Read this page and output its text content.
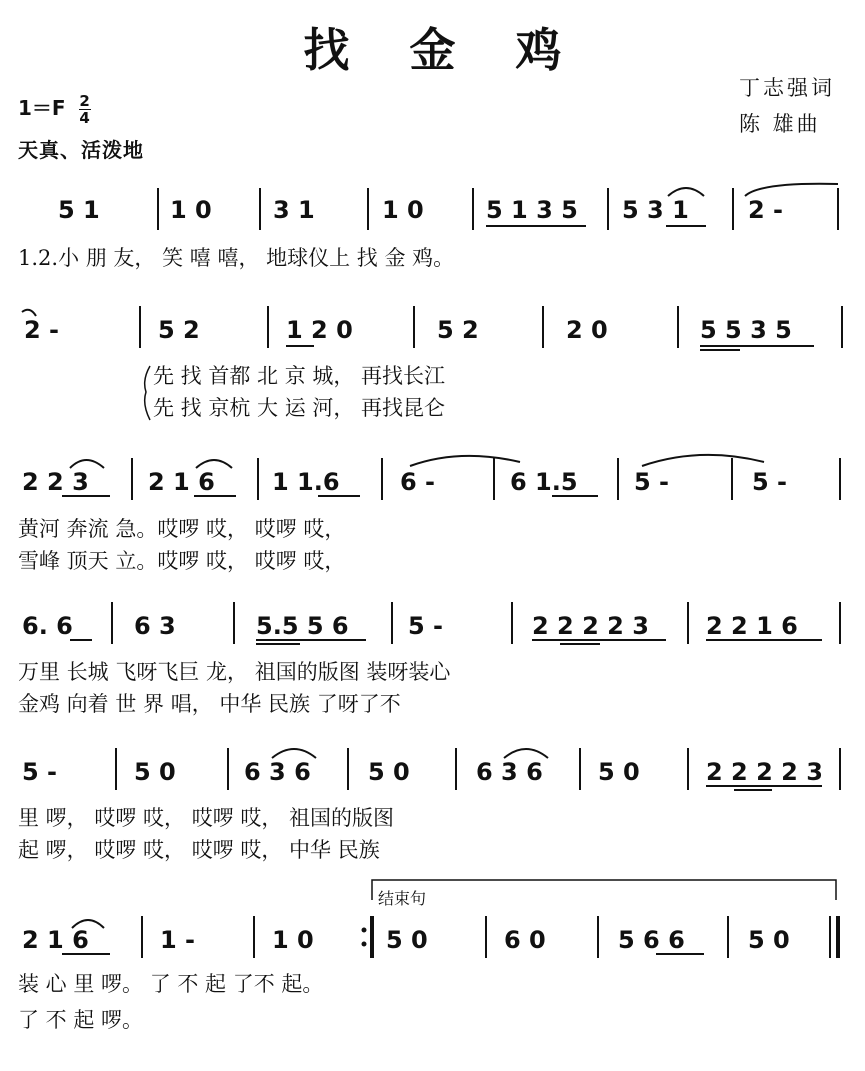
找金鸡
丁志强词
陈 雄曲
$1=F \frac{2}{4}$
天真、活泼地
5 1	1 0	3 1	1 0	5 1 3 5 5 3 1 2 -
1.2.小 朋 友， 笑 嘻 嘻， 地球仪上 找 金 鸡。
2 -	5 2	1 2 0	5 2	2 0	5 5 3 5
先 找 首都 北 京 城， 再找长江
先 找 京杭 大 运 河， 再找昆仑
2 2 3 2 1 6 1 1.6	6 -	6 1.5 5 -	5 -
黄河 奔流 急。哎啰 哎， 哎啰 哎，
雪峰 顶天 立。哎啰 哎， 哎啰 哎，
6. 6	6 3	5.5 5 6 5 -	2 2 2 2 3 2 2 1 6
万里 长城 飞呀飞巨 龙， 祖国的版图 装呀装心
金鸡 向着 世 界 唱， 中华 民族 了呀了不
5 -	5 0	6 3 6 5 0	6 3 6 5 0	2 2 2 2 3
里 啰， 哎啰 哎， 哎啰 哎， 祖国的版图
起 啰， 哎啰 哎， 哎啰 哎， 中华 民族
结束句
2 1 6	1 -	1 0	5 0	6 0	5 6 6	5 0
装 心 里 啰。 了 不 起 了不 起。
了 不 起 啰。
